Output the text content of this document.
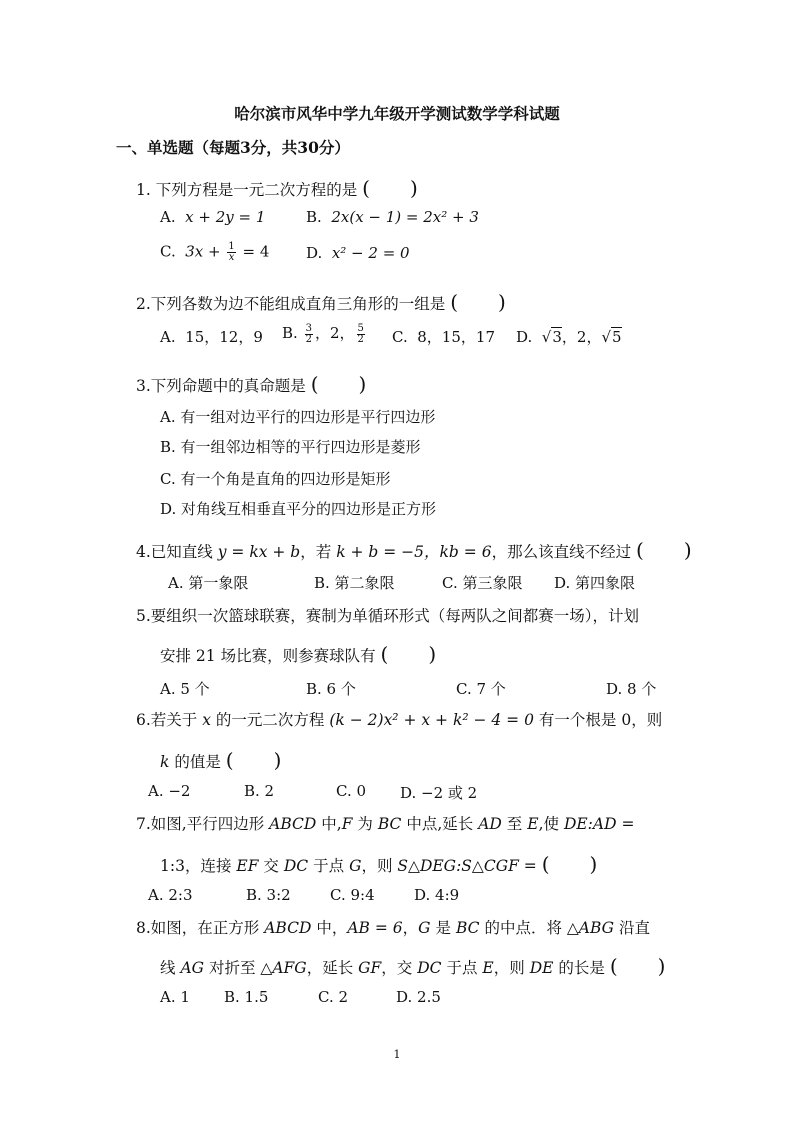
哈尔滨市风华中学九年级开学测试数学学科试题
一、单选题（每题3分，共30分）
1. 下列方程是一元二次方程的是 (　　)
A. x + 2y = 1	B. 2x(x − 1) = 2x² + 3
C. $3x + \frac{1}{x} = 4$ D. x² − 2 = 0
2.下列各数为边不能组成直角三角形的一组是 (　　)
A. 15，12，9 B. $\frac{3}{2}$ ，2， $\frac{5}{2} C$. 8，15，17 D.  √3，2，√5
3.下列命题中的真命题是 (　　)
A. 有一组对边平行的四边形是平行四边形
B. 有一组邻边相等的平行四边形是菱形
C. 有一个角是直角的四边形是矩形
D. 对角线互相垂直平分的四边形是正方形
4.已知直线 y = kx + b，若 k + b = −5，kb = 6，那么该直线不经过 (　　)
A. 第一象限	B. 第二象限	C. 第三象限 D. 第四象限
5.要组织一次篮球联赛，赛制为单循环形式（每两队之间都赛一场），计划
安排 21 场比赛，则参赛球队有 (　　)
A. 5 个	B. 6 个	C. 7 个	D. 8 个
6.若关于 x 的一元二次方程 (k − 2)x² + x + k² − 4 = 0 有一个根是 0，则
k 的值是 (　　)
A. −2	B. 2	C. 0 D. −2 或 2
7.如图,平行四边形 ABCD 中,F 为 BC 中点,延长 AD 至 E,使 DE:AD =
1:3，连接 EF 交 DC 于点 G，则 S△DEG:S△CGF = (　　)
A. 2:3	B. 3:2	C. 9:4	D. 4:9
8.如图，在正方形 ABCD 中，AB = 6，G 是 BC 的中点．将 △ABG 沿直
线 AG 对折至 △AFG，延长 GF，交 DC 于点 E，则 DE 的长是 (　　)
A. 1 B. 1.5	C. 2	D. 2.5
1
